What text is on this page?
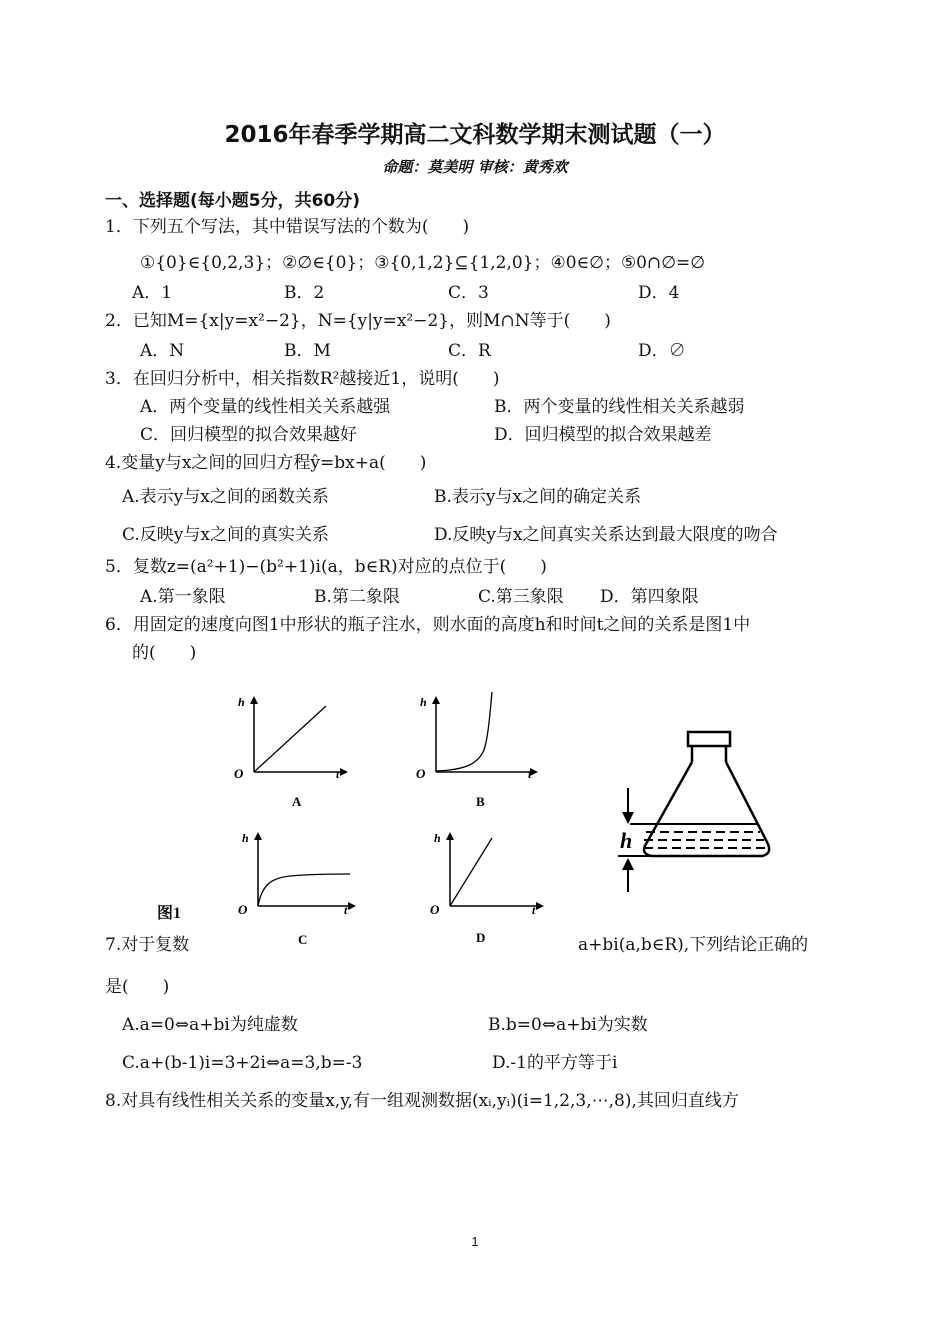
2016年春季学期高二文科数学期末测试题（一）
命题：莫美明 审核：黄秀欢
一、选择题(每小题5分，共60分)
1．下列五个写法，其中错误写法的个数为(　　)
①{0}∈{0,2,3}；②∅∈{0}；③{0,1,2}⊆{1,2,0}；④0∈∅；⑤0∩∅=∅
A．1	B．2	C．3	D．4
2．已知M={x|y=x²−2}，N={y|y=x²−2}，则M∩N等于(　　)
A．N	B．M	C．R	D．∅
3．在回归分析中，相关指数R²越接近1，说明(　　)
A．两个变量的线性相关关系越强	B．两个变量的线性相关关系越弱
C．回归模型的拟合效果越好	D．回归模型的拟合效果越差
4.变量y与x之间的回归方程ŷ=bx+a(　　)
A.表示y与x之间的函数关系	B.表示y与x之间的确定关系
C.反映y与x之间的真实关系	D.反映y与x之间真实关系达到最大限度的吻合
5．复数z=(a²+1)−(b²+1)i(a，b∈R)对应的点位于(　　)
A.第一象限	B.第二象限	C.第三象限 D．第四象限
6．用固定的速度向图1中形状的瓶子注水，则水面的高度h和时间t之间的关系是图1中
的(　　)
h
O	t
A
h
O	t
B
h
O	t
C
h
O	t
D
h
图1
7.对于复数	a+bi(a,b∈R),下列结论正确的
是(　　)
A.a=0⇔a+bi为纯虚数	B.b=0⇔a+bi为实数
C.a+(b-1)i=3+2i⇔a=3,b=-3	D.-1的平方等于i
8.对具有线性相关关系的变量x,y,有一组观测数据(xᵢ,yᵢ)(i=1,2,3,⋯,8),其回归直线方
1
